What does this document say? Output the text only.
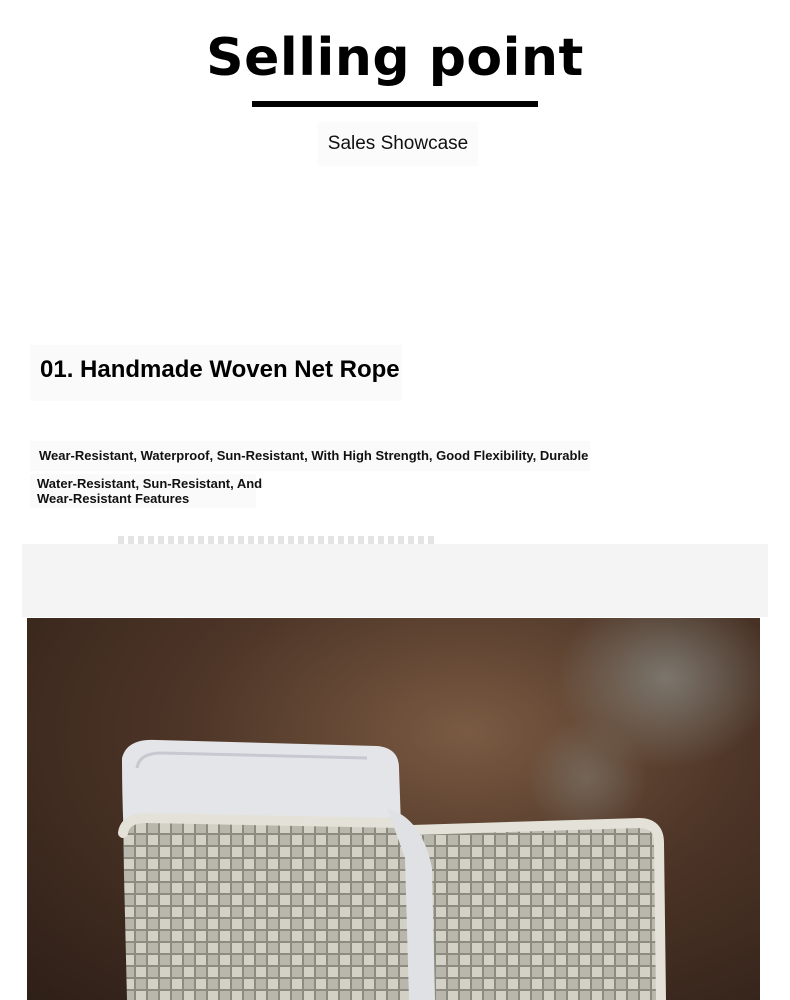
Selling point
Sales Showcase
01. Handmade Woven Net Rope

Wear-Resistant, Waterproof, Sun-Resistant, With High Strength, Good Flexibility, Durable

Water-Resistant, Sun-Resistant, And Wear-Resistant Features
